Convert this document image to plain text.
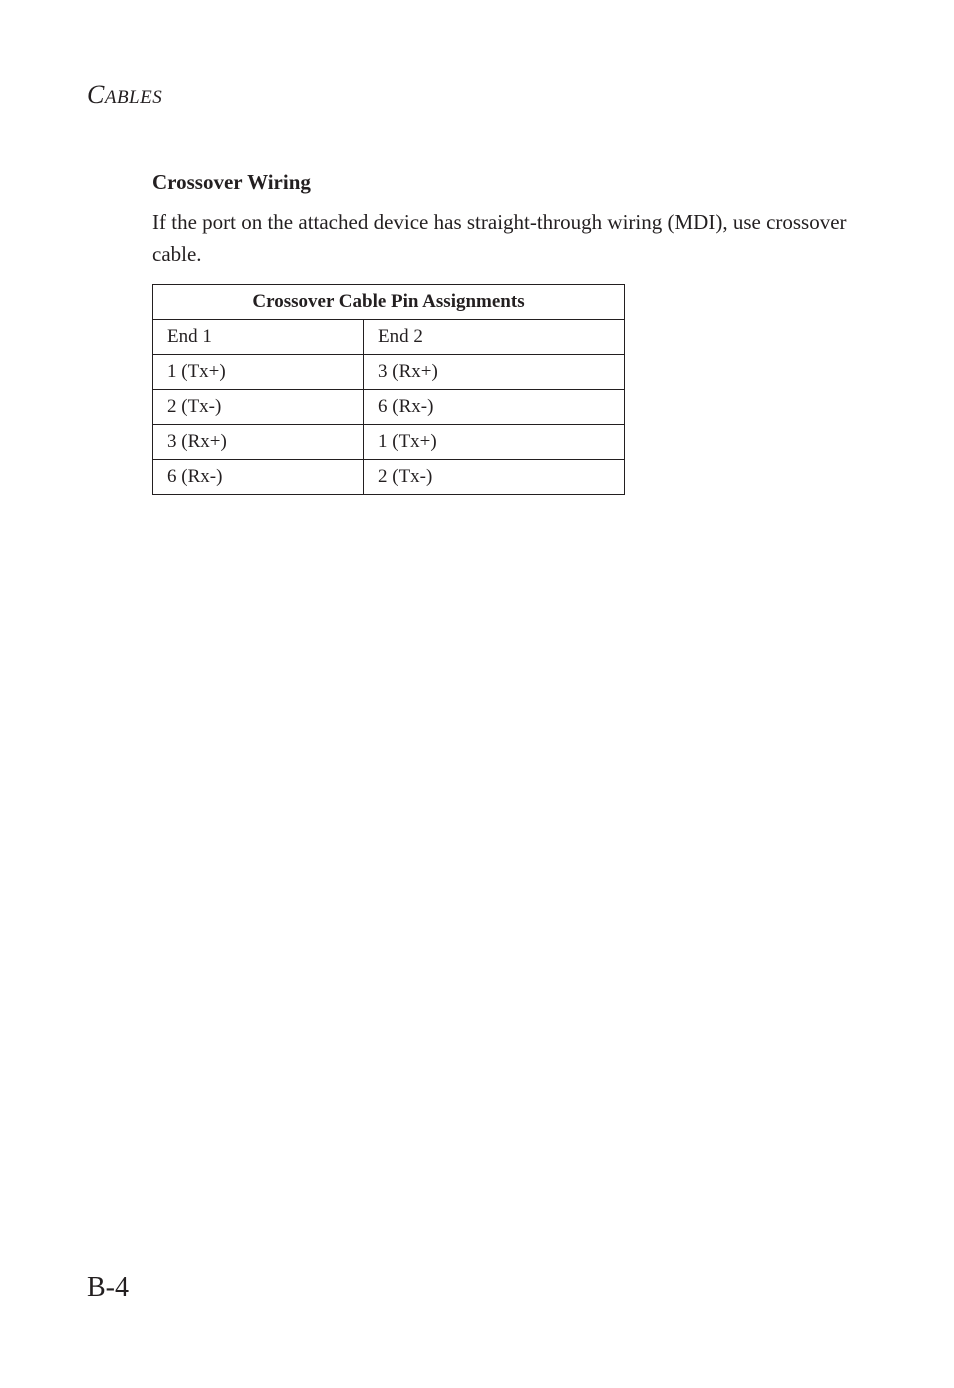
CABLES
Crossover Wiring

If the port on the attached device has straight-through wiring (MDI), use crossover cable.

Crossover Cable Pin Assignments	
End 1	End 2
1 (Tx+)	3 (Rx+)
2 (Tx-)	6 (Rx-)
3 (Rx+)	1 (Tx+)
6 (Rx-)	2 (Tx-)
B-4
